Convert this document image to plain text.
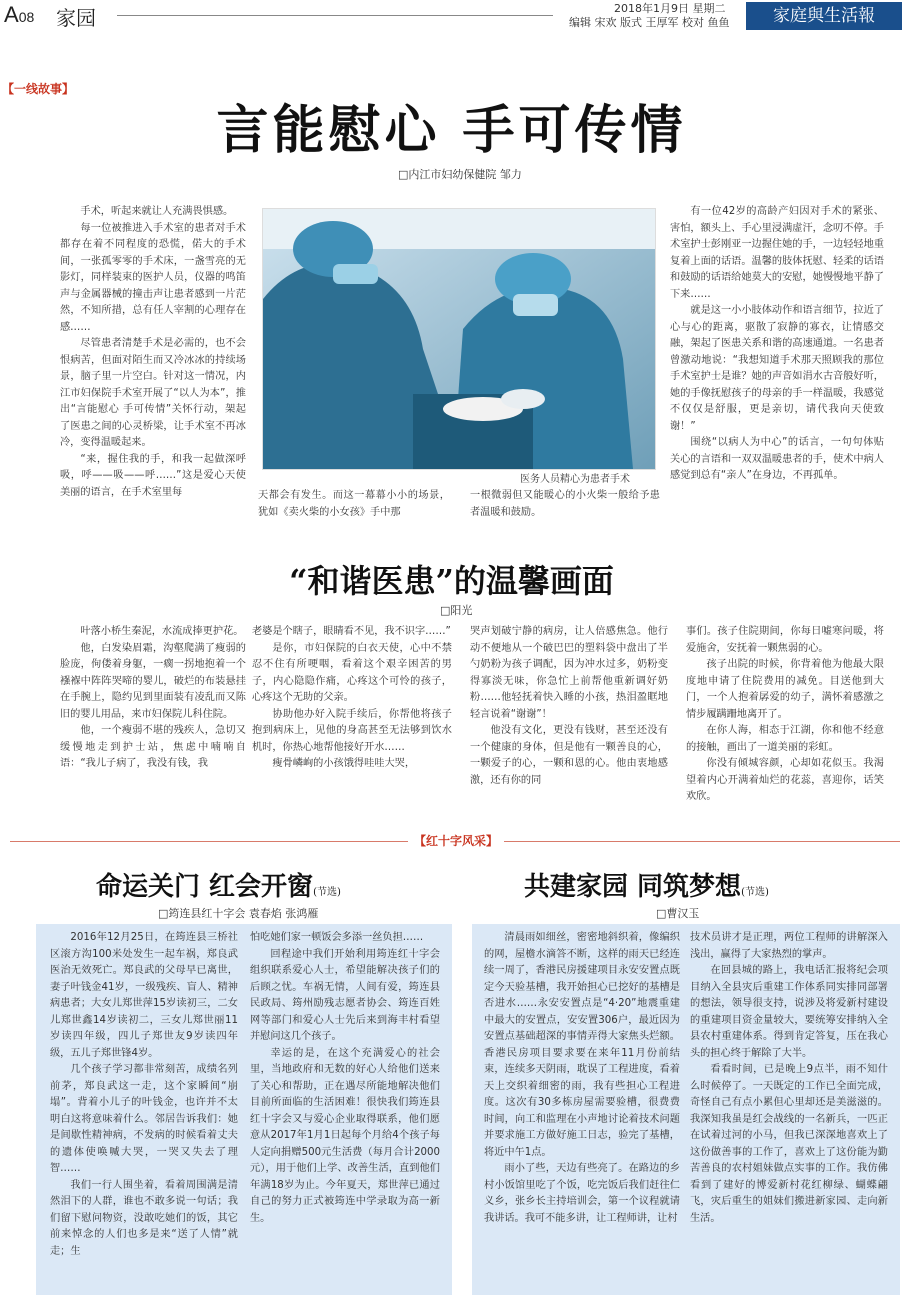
A08 家园	2018年1月9日 星期二
编辑 宋欢 版式 王厚军 校对 鱼鱼	家庭與生活報
【一线故事】
言能慰心 手可传情
□内江市妇幼保健院 邹力

手术，听起来就让人充满畏惧感。

每一位被推进入手术室的患者对手术都存在着不同程度的恐慌，偌大的手术间，一张孤零零的手术床，一盏雪亮的无影灯，同样装束的医护人员，仪器的鸣笛声与金属器械的撞击声让患者感到一片茫然，不知所措，总有任人宰割的心理存在感……

尽管患者清楚手术是必需的，也不会恨病苦，但面对陌生而又冷冰冰的持续场景，脑子里一片空白。针对这一情况，内江市妇保院手术室开展了“以人为本”，推出“言能慰心 手可传情”关怀行动，架起了医患之间的心灵桥梁，让手术室不再冰冷，变得温暖起来。

“来，握住我的手，和我一起做深呼吸，呼——吸——呼……”这是爱心天使美丽的语言，在手术室里每

医务人员精心为患者手术

天都会有发生。而这一幕幕小小的场景，犹如《卖火柴的小女孩》手中那

一根微弱但又能暖心的小火柴一般给予患者温暖和鼓励。

有一位42岁的高龄产妇因对手术的紧张、害怕，额头上、手心里浸满虚汗，念叨不停。手术室护士彭刚亚一边握住她的手，一边轻轻地重复着上面的话语。温馨的肢体抚慰、轻柔的话语和鼓励的话语给她莫大的安慰，她慢慢地平静了下来……

就是这一小小肢体动作和语言细节，拉近了心与心的距离，驱散了寂静的寡衣，让情感交融，架起了医患关系和谐的高速通道。一名患者曾激动地说：“我想知道手术那天照顾我的那位手术室护士是谁？她的声音如涓水古音般好听，她的手像抚慰孩子的母亲的手一样温暖，我感觉不仅仅是舒服，更是亲切，请代我向天使致谢！”

围绕“以病人为中心”的话言，一句句体贴关心的言语和一双双温暖患者的手，使术中病人感觉到总有“亲人”在身边，不再孤单。

“和谐医患”的温馨画面
□阳光

叶落小桥生秦泥，水流成捧更护花。

他，白发染眉霜，沟壑爬满了瘦弱的脸庞，佝偻着身躯，一瘸一拐地抱着一个襁褓中阵阵哭啼的婴儿，破烂的布装悬挂在手腕上，隐约见到里面装有凌乱而又陈旧的婴儿用品，来市妇保院儿科住院。

他，一个瘦弱不堪的残疾人，急切又缓慢地走到护士站，焦虑中喃喃自语：“我儿子病了，我没有钱，我

老婆是个瞎子，眼睛看不见，我不识字……”

是你，市妇保院的白衣天使，心中不禁忍不住有所哽咽，看着这个艰辛困苦的男子，内心隐隐作痛，心疼这个可怜的孩子，心疼这个无助的父亲。

协助他办好入院手续后，你帮他将孩子抱到病床上，见他的身高甚至无法够到饮水机时，你热心地帮他接好开水……

瘦骨嶙峋的小孩饿得哇哇大哭，

哭声划破宁静的病房，让人倍感焦急。他行动不便地从一个破巴巴的塑料袋中盘出了半勺奶粉为孩子调配，因为冲水过多，奶粉变得寡淡无味，你急忙上前帮他重新调好奶粉……他轻抚着快入睡的小孩，热泪盈眶地轻言说着“谢谢”！

他没有文化，更没有钱财，甚至还没有一个健康的身体，但是他有一颗善良的心，一颗爱子的心，一颗和恩的心。他由衷地感激，还有你的同

事们。孩子住院期间，你每日嘘寒问暖，将爱施舍，安抚着一颗焦弱的心。

孩子出院的时候，你背着他为他最大限度地申请了住院费用的减免。目送他到大门，一个人抱着孱爱的幼子，满怀着感激之情步履蹒跚地离开了。

在你人海，相态于江湖，你和他不经意的接触，画出了一道美丽的彩虹。

你没有倾城容颜，心却如花似玉。我渴望着内心开满着灿烂的花蕊，喜迎你，话笑欢欣。

【红十字风采】
命运关门 红会开窗(节选)
□筠连县红十字会 袁春焰 张鸿雁

2016年12月25日，在筠连县三桥社区滚方沟100米处发生一起车祸，郑良武医治无效死亡。郑良武的父母早已离世，妻子叶钱金41岁，一级残疾、盲人、精神病患者；大女儿郑世萍15岁读初三，二女儿郑世鑫14岁读初二，三女儿郑世丽11岁读四年级，四儿子郑世友9岁读四年级，五儿子郑世锋4岁。

几个孩子学习都非常刻苦，成绩名列前茅，郑良武这一走，这个家瞬间“崩塌”。背着小儿子的叶钱金，也许并不太明白这将意味着什么。邻居告诉我们：她是间歇性精神病，不发病的时候看着丈夫的遗体使唤喊大哭，一哭又失去了理智……

我们一行人围坐着，看着周围满是清然泪下的人群，谁也不敢多说一句话；我们留下慰问物资，没敢吃她们的饭，其它前来悼念的人们也多是来“送了人情”就走；生

怕吃她们家一顿饭会多添一丝负担……

回程途中我们开始利用筠连红十字会组织联系爱心人士，希望能解决孩子们的后顾之忧。车祸无情，人间有爱，筠连县民政局、筠州励残志愿者协会、筠连百姓网等部门和爱心人士先后来到海丰村看望并慰问这几个孩子。

幸运的是，在这个充满爱心的社会里，当地政府和无数的好心人给他们送来了关心和帮助，正在遇尽所能地解决他们目前所面临的生活困难！很快我们筠连县红十字会又与爱心企业取得联系，他们愿意从2017年1月1日起每个月给4个孩子每人定向捐赠500元生活费（每月合计2000元），用于他们上学、改善生活，直到他们年满18岁为止。今年夏天，郑世萍已通过自己的努力正式被筠连中学录取为高一新生。

共建家园 同筑梦想(节选)
□曹汉玉

清晨雨如细丝，密密地斜织着，像编织的网，屋檐水滴答不断，这样的雨天已经连续一周了，香港民房援建项目永安安置点既定今天验基槽，我开始担心已挖好的基槽是否进水……永安安置点是“4·20”地震重建中最大的安置点，安安置306户，最近因为安置点基础超深的事情弄得大家焦头烂额。香港民房项目要求要在来年11月份前结束，连续多天阴雨，耽误了工程进度，看着天上交织着细密的雨，我有些担心工程进度。这次有30多栋房屋需要验槽，很费费时间，向工和监理在小声地讨论着技术问题并要求施工方做好施工日志，验完了基槽，将近中午1点。

雨小了些，天边有些亮了。在路边的乡村小饭馆里吃了个饭，吃完饭后我们赶往仁义乡，张乡长主持培训会，第一个议程就请我讲话。我可不能多讲，让工程师讲，让村

技术员讲才是正理，两位工程师的讲解深入浅出，赢得了大家热烈的掌声。

在回县城的路上，我电话汇报将纪会项目纳入全县灾后重建工作体系同实排同部署的想法，领导很支持，说涉及将爱新村建设的重建项目资金量较大，要统筹安排纳入全县农村重建体系。得到肯定答复，压在我心头的担心终于解除了大半。

看看时间，已是晚上9点半，雨不知什么时候停了。一天既定的工作已全面完成，奇怪自己有点小累但心里却还是美滋滋的。我深知我虽是红会战线的一名新兵，一匹正在试着过河的小马，但我已深深地喜欢上了这份做善事的工作了，喜欢上了这份能为勤苦善良的农村姐妹做点实事的工作。我仿佛看到了建好的博爱新村花红柳绿、蝴蝶翩飞，灾后重生的姐妹们搬进新家园、走向新生活。
